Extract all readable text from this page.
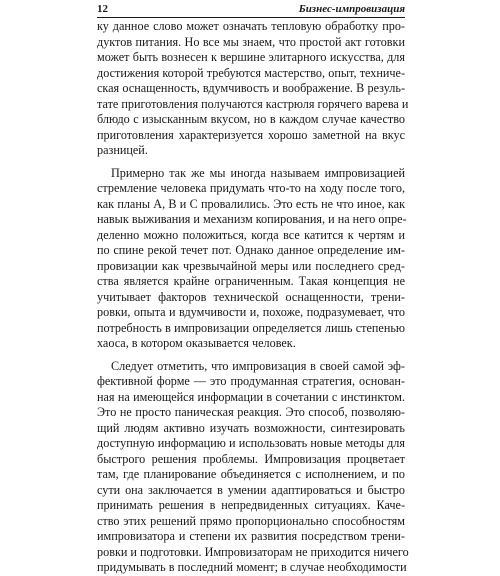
12	Бизнес-импровизация

ку данное слово может означать тепловую обработку про-
дуктов питания. Но все мы знаем, что простой акт готовки
может быть вознесен к вершине элитарного искусства, для
достижения которой требуются мастерство, опыт, техниче-
ская оснащенность, вдумчивость и воображение. В резуль-
тате приготовления получаются кастрюля горячего варева и
блюдо с изысканным вкусом, но в каждом случае качество
приготовления характеризуется хорошо заметной на вкус
разницей.

Примерно так же мы иногда называем импровизацией
стремление человека придумать что-то на ходу после того,
как планы А, В и С провалились. Это есть не что иное, как
навык выживания и механизм копирования, и на него опре-
деленно можно положиться, когда все катится к чертям и
по спине рекой течет пот. Однако данное определение им-
провизации как чрезвычайной меры или последнего сред-
ства является крайне ограниченным. Такая концепция не
учитывает факторов технической оснащенности, трени-
ровки, опыта и вдумчивости и, похоже, подразумевает, что
потребность в импровизации определяется лишь степенью
хаоса, в котором оказывается человек.

Следует отметить, что импровизация в своей самой эф-
фективной форме — это продуманная стратегия, основан-
ная на имеющейся информации в сочетании с инстинктом.
Это не просто паническая реакция. Это способ, позволяю-
щий людям активно изучать возможности, синтезировать
доступную информацию и использовать новые методы для
быстрого решения проблемы. Импровизация процветает
там, где планирование объединяется с исполнением, и по
сути она заключается в умении адаптироваться и быстро
принимать решения в непредвиденных ситуациях. Каче-
ство этих решений прямо пропорционально способностям
импровизатора и степени их развития посредством трени-
ровки и подготовки. Импровизаторам не приходится ничего
придумывать в последний момент; в случае необходимости
